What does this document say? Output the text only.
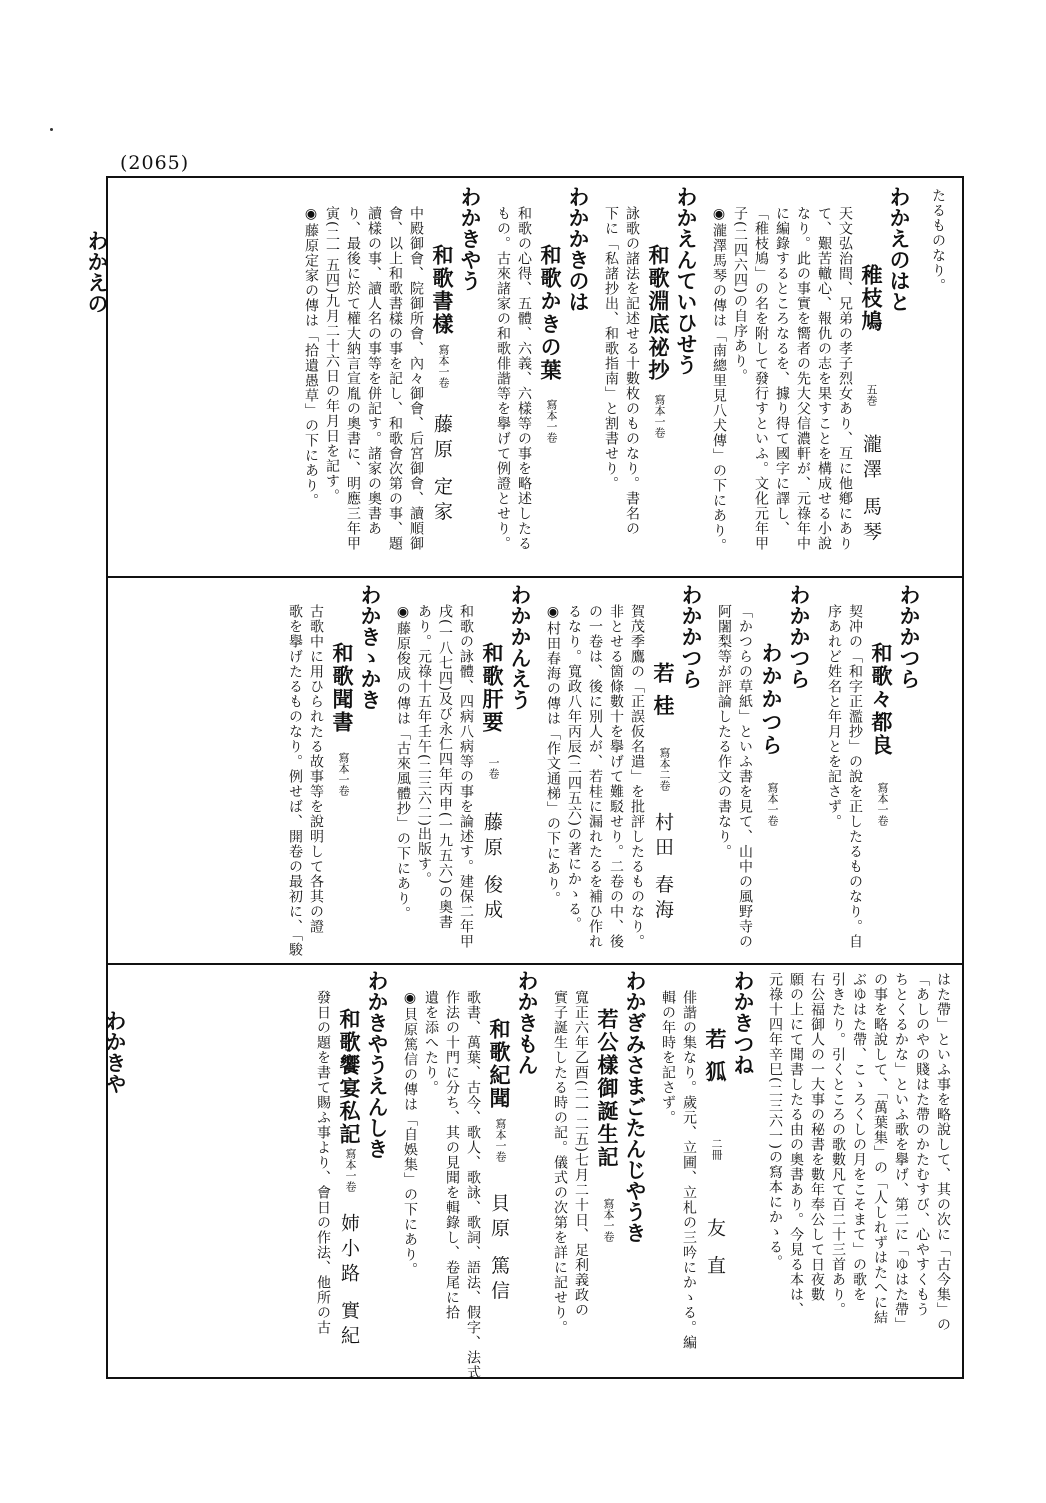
(2065)
わかえの
わかきや
たるものなり。
わかえのはと
稚枝鳩
五巻
瀧澤 馬琴
天文弘治間、兄弟の孝子烈女あり、互に他鄕にあり
て、艱苦轍心、報仇の志を果すことを構成せる小說
なり。此の事實を嚮者の先大父信濃軒が、元祿年中
に編錄するところなるを、據り得て國字に譯し、
「稚枝鳩」の名を附して發行すといふ。文化元年甲
子(二四六四)の自序あり。
◉瀧澤馬琴の傳は「南總里見八犬傳」の下にあり。
わかえんていひせう
和歌淵底祕抄
寫本一卷
詠歌の諸法を記述せる十數枚のものなり。書名の
下に「私諸抄出、和歌指南」と割書せり。
わかかきのは
和歌かきの葉
寫本一卷
和歌の心得、五體、六義、六樣等の事を略述したる
もの。古來諸家の和歌俳諧等を擧げて例證とせり。
わかきやう
和歌書樣
寫本一卷
藤原 定家
中殿御會、院御所會、內々御會、后宮御會、讀順御
會、以上和歌書樣の事を記し、和歌會次第の事、題
讀樣の事、讀人名の事等を併記す。諸家の奧書あ
り、最後に於て權大納言宣胤の奧書に、明應三年甲
寅(二一五四)九月二十六日の年月日を記す。
◉藤原定家の傳は「拾遺愚草」の下にあり。
わかかつら
和歌々都良
寫本一卷
契冲の「和字正濫抄」の說を正したるものなり。自
序あれど姓名と年月とを記さず。
わかかつら
わかかつら
寫本一卷
「かつらの草紙」といふ書を見て、山中の風野寺の
阿闍梨等が評論したる作文の書なり。
わかかつら
若 桂
寫本二卷
村田 春海
賀茂季鷹の「正誤仮名遣」を批評したるものなり。
非とせる箇條數十を擧げて難駁せり。二卷の中、後
の一卷は、後に別人が、若桂に漏れたるを補ひ作れ
るなり。寬政八年丙辰(二四五六)の著にかゝる。
◉村田春海の傳は「作文通梯」の下にあり。
わかかんえう
和歌肝要
一卷
藤原 俊成
和歌の詠體、四病八病等の事を論述す。建保二年甲
戌(一八七四)及び永仁四年丙申(一九五六)の奧書
あり。元祿十五年壬午(二三六二)出版す。
◉藤原俊成の傳は「古來風體抄」の下にあり。
わかきゝかき
和歌聞書
寫本一卷
古歌中に用ひられたる故事等を說明して各其の證
歌を擧げたるものなり。例せば、開卷の最初に、「駿
はた帶」といふ事を略說して、其の次に「古今集」の
「あしのやの賤はた帶のかたむすび、心やすくもう
ちとくるかな」といふ歌を擧げ、第二に「ゆはた帶」
の事を略說して、「萬葉集」の「人しれずはたへに結
ぶゆはた帶、こゝろくしの月をこそまて」の歌を
引きたり。引くところの歌數凡て百二十三首あり。
右公福御人の一大事の秘書を數年奉公して日夜數
願の上にて聞書したる由の奧書あり。今見る本は、
元祿十四年辛巳(二三六一)の寫本にかゝる。
わかきつね
若 狐
二冊
友 直
俳諧の集なり。歲元、立圃、立札の三吟にかゝる。編
輯の年時を記さず。
わかぎみさまごたんじやうき
若公樣御誕生記
寫本一卷
寬正六年乙酉(二一二五)七月二十日、足利義政の
實子誕生したる時の記。儀式の次第を詳に記せり。
わかきもん
和歌紀聞
寫本一卷
貝原 篤信
歌書、萬葉、古今、歌人、歌詠、歌詞、語法、假字、法式
作法の十門に分ち、其の見聞を輯錄し、卷尾に拾
遺を添へたり。
◉貝原篤信の傳は「自娛集」の下にあり。
わかきやうえんしき
和歌饗宴私記
寫本一卷
姉小路 實紀
發日の題を書て賜ふ事より、會日の作法、他所の古
